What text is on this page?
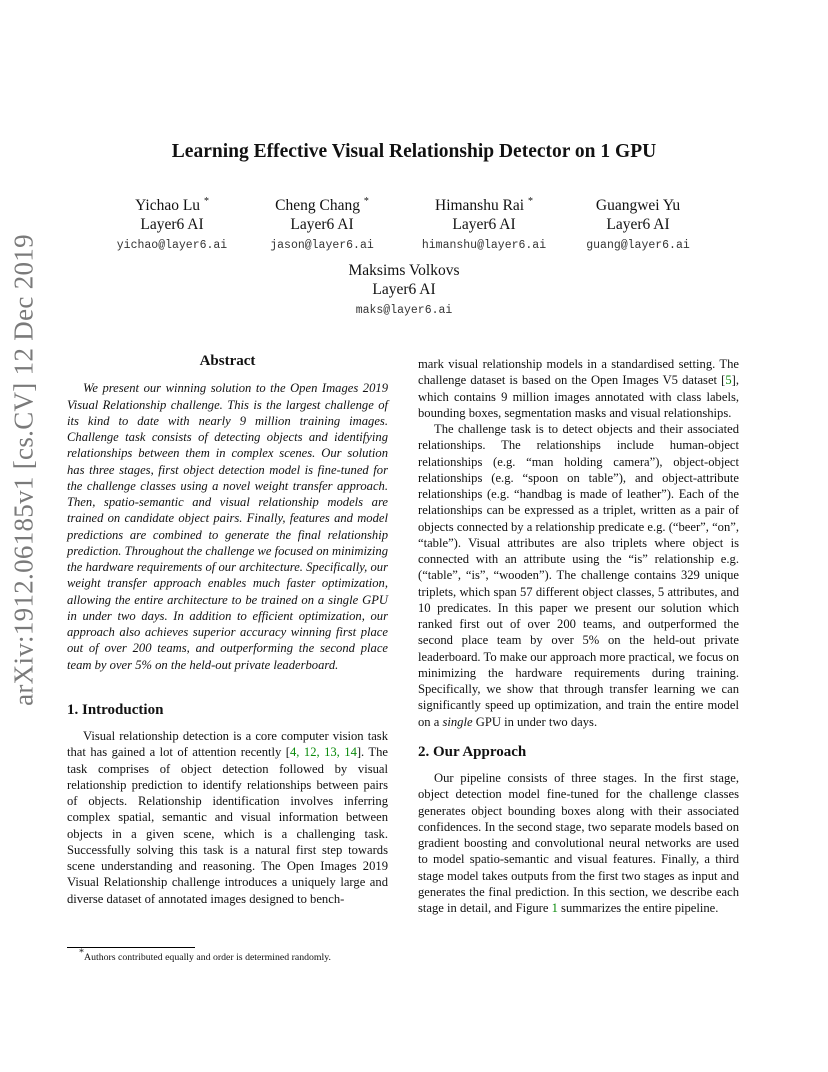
arXiv:1912.06185v1 [cs.CV] 12 Dec 2019
Learning Effective Visual Relationship Detector on 1 GPU
Yichao Lu *
Layer6 AI
yichao@layer6.ai
Cheng Chang *
Layer6 AI
jason@layer6.ai
Himanshu Rai *
Layer6 AI
himanshu@layer6.ai
Guangwei Yu
Layer6 AI
guang@layer6.ai
Maksims Volkovs
Layer6 AI
maks@layer6.ai
Abstract

We present our winning solution to the Open Images 2019 Visual Relationship challenge. This is the largest challenge of its kind to date with nearly 9 million training images. Challenge task consists of detecting objects and identifying relationships between them in complex scenes. Our solution has three stages, first object detection model is fine-tuned for the challenge classes using a novel weight transfer approach. Then, spatio-semantic and visual relationship models are trained on candidate object pairs. Finally, features and model predictions are combined to generate the final relationship prediction. Throughout the challenge we focused on minimizing the hardware requirements of our architecture. Specifically, our weight transfer approach enables much faster optimization, allowing the entire architecture to be trained on a single GPU in under two days. In addition to efficient optimization, our approach also achieves superior accuracy winning first place out of over 200 teams, and outperforming the second place team by over 5% on the held-out private leaderboard.

1. Introduction

Visual relationship detection is a core computer vision task that has gained a lot of attention recently [4, 12, 13, 14]. The task comprises of object detection followed by visual relationship prediction to identify relationships between pairs of objects. Relationship identification involves inferring complex spatial, semantic and visual information between objects in a given scene, which is a challenging task. Successfully solving this task is a natural first step towards scene understanding and reasoning. The Open Images 2019 Visual Relationship challenge introduces a uniquely large and diverse dataset of annotated images designed to bench-

mark visual relationship models in a standardised setting. The challenge dataset is based on the Open Images V5 dataset [5], which contains 9 million images annotated with class labels, bounding boxes, segmentation masks and visual relationships.

The challenge task is to detect objects and their associated relationships. The relationships include human-object relationships (e.g. “man holding camera”), object-object relationships (e.g. “spoon on table”), and object-attribute relationships (e.g. “handbag is made of leather”). Each of the relationships can be expressed as a triplet, written as a pair of objects connected by a relationship predicate e.g. (“beer”, “on”, “table”). Visual attributes are also triplets where object is connected with an attribute using the “is” relationship e.g. (“table”, “is”, “wooden”). The challenge contains 329 unique triplets, which span 57 different object classes, 5 attributes, and 10 predicates. In this paper we present our solution which ranked first out of over 200 teams, and outperformed the second place team by over 5% on the held-out private leaderboard. To make our approach more practical, we focus on minimizing the hardware requirements during training. Specifically, we show that through transfer learning we can significantly speed up optimization, and train the entire model on a single GPU in under two days.

2. Our Approach

Our pipeline consists of three stages. In the first stage, object detection model fine-tuned for the challenge classes generates object bounding boxes along with their associated confidences. In the second stage, two separate models based on gradient boosting and convolutional neural networks are used to model spatio-semantic and visual features. Finally, a third stage model takes outputs from the first two stages as input and generates the final prediction. In this section, we describe each stage in detail, and Figure 1 summarizes the entire pipeline.

*Authors contributed equally and order is determined randomly.
